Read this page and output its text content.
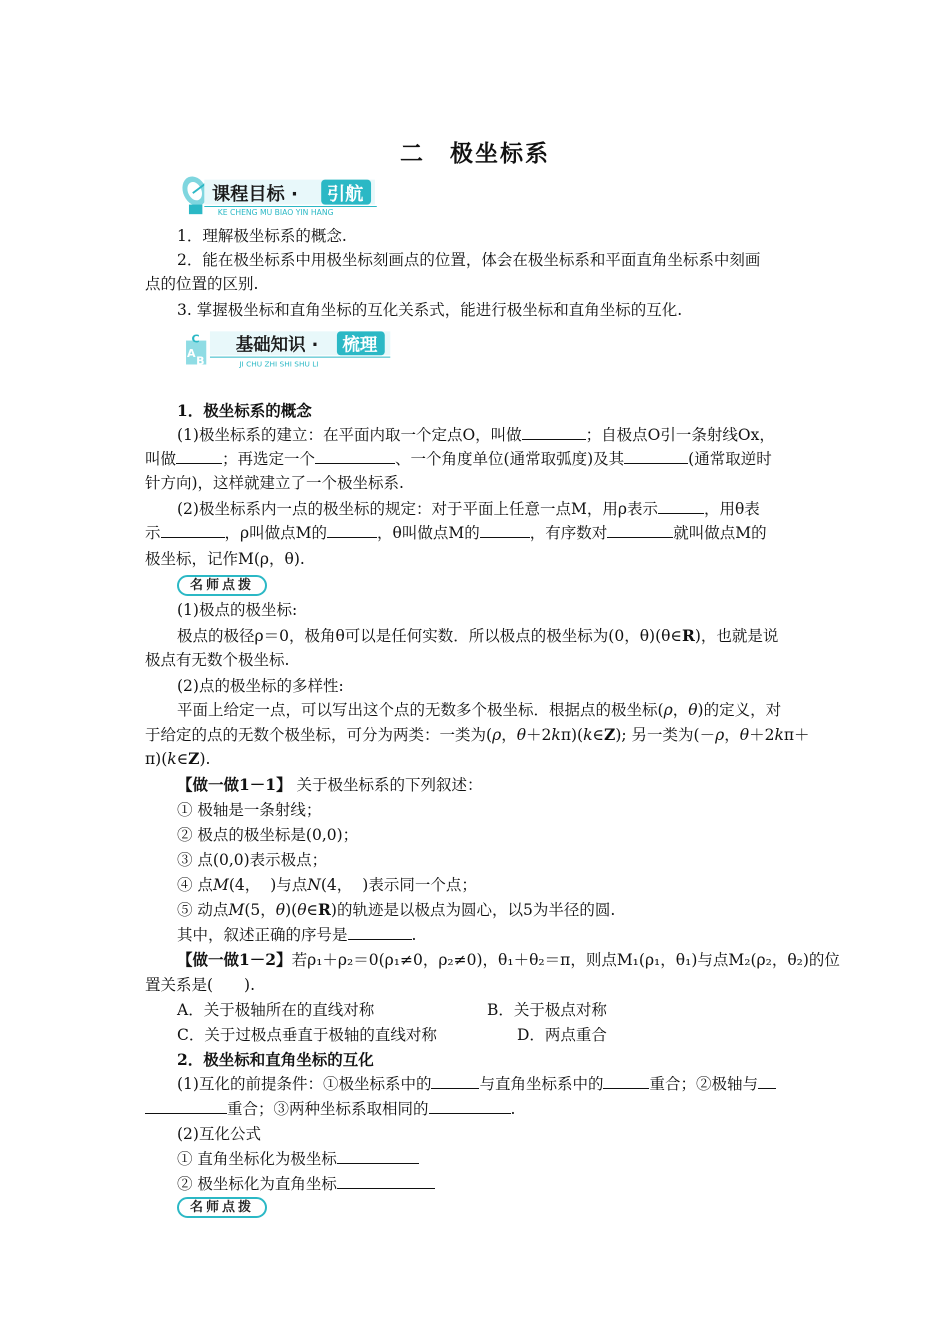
二　极坐标系
课程目标 · 引航
KE CHENG MU BIAO YIN HANG
1．理解极坐标系的概念.
2．能在极坐标系中用极坐标刻画点的位置，体会在极坐标系和平面直角坐标系中刻画
点的位置的区别.
3. 掌握极坐标和直角坐标的互化关系式，能进行极坐标和直角坐标的互化.
C
A
B
基础知识 · 梳理
JI CHU ZHI SHI SHU LI
1．极坐标系的概念
(1)极坐标系的建立：在平面内取一个定点O，叫做	；自极点O引一条射线Ox，
叫做	；再选定一个	、一个角度单位(通常取弧度)及其	(通常取逆时
针方向)，这样就建立了一个极坐标系.
(2)极坐标系内一点的极坐标的规定：对于平面上任意一点M，用ρ表示	，用θ表
示	，ρ叫做点M的	，θ叫做点M的	，有序数对	就叫做点M的
极坐标，记作M(ρ，θ).
名师点拨
(1)极点的极坐标:
极点的极径ρ＝0，极角θ可以是任何实数．所以极点的极坐标为(0，θ)(θ∈R)，也就是说
极点有无数个极坐标.
(2)点的极坐标的多样性:
平面上给定一点，可以写出这个点的无数多个极坐标．根据点的极坐标(ρ，θ)的定义，对
于给定的点的无数个极坐标，可分为两类：一类为(ρ，θ＋2kπ)(k∈Z); 另一类为(－ρ，θ＋2kπ＋
π)(k∈Z).
【做一做1－1】 关于极坐标系的下列叙述：
① 极轴是一条射线；
② 极点的极坐标是(0,0)；
③ 点(0,0)表示极点；
④ 点M(4， )与点N(4， )表示同一个点；
⑤ 动点M(5，θ)(θ∈R)的轨迹是以极点为圆心，以5为半径的圆.
其中，叙述正确的序号是	.
【做一做1－2】若ρ₁＋ρ₂＝0(ρ₁≠0，ρ₂≠0)，θ₁＋θ₂＝π，则点M₁(ρ₁，θ₁)与点M₂(ρ₂，θ₂)的位
置关系是(　　).
A．关于极轴所在的直线对称	B．关于极点对称
C．关于过极点垂直于极轴的直线对称	D．两点重合
2．极坐标和直角坐标的互化
(1)互化的前提条件：①极坐标系中的	与直角坐标系中的	重合；②极轴与
重合；③两种坐标系取相同的	.
(2)互化公式
① 直角坐标化为极坐标
② 极坐标化为直角坐标
名师点拨
